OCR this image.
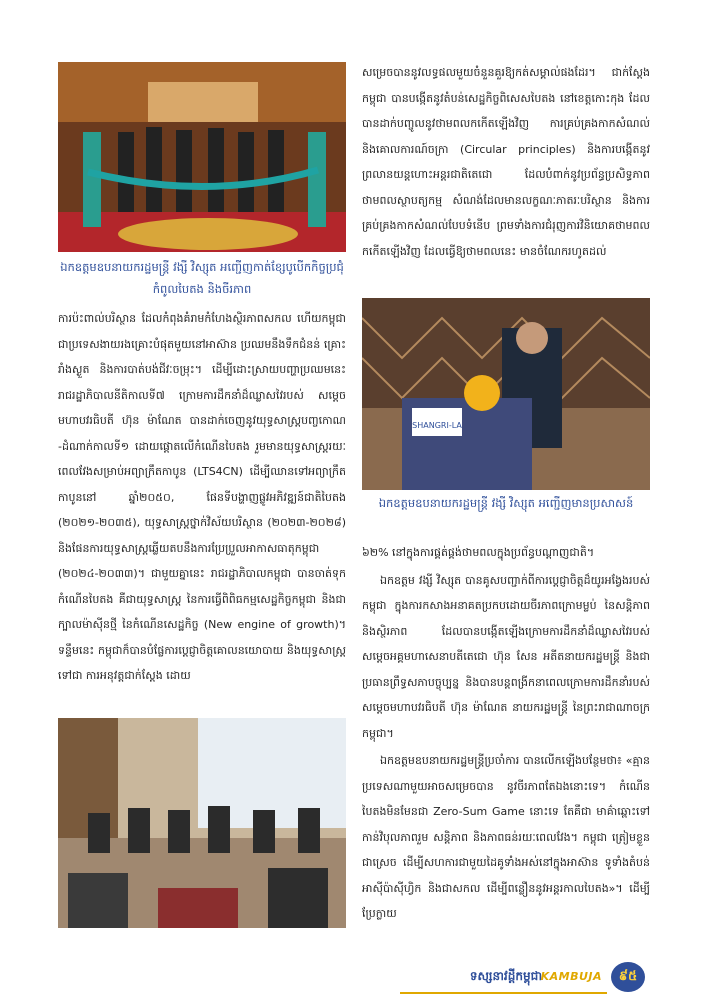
ឯកឧត្តមឧបនាយករដ្ឋមន្ត្រី វង្សី វិស្សុត អញ្ជើញកាត់ខ្សែបូបើកកិច្ចប្រជុំកំពូលបៃតង និងចីរភាព

ការប៉ះពាល់បរិស្ថាន ដែលកំពុងគំរាមកំហែងស្ថិរភាពសកល ហើយកម្ពុជា ជាប្រទេសងាយរងគ្រោះបំផុតមួយនៅអាស៊ាន ប្រឈមនឹងទឹកជំនន់ គ្រោះរាំងស្ងួត និងការបាត់បង់ជីវៈចម្រុះ។ ដើម្បីដោះស្រាយបញ្ហាប្រឈមនេះ រាជរដ្ឋាភិបាលនីតិកាលទី៧ ក្រោមការដឹកនាំដ៏ឈ្លាសវៃរបស់ សម្ដេចមហាបវរធិបតី ហ៊ុន ម៉ាណែត បានដាក់ចេញនូវយុទ្ធសាស្ត្របញ្ចកោណ -ដំណាក់កាលទី១ ដោយផ្ដោតលើកំណើនបៃតង រួមមានយុទ្ធសាស្ត្ររយៈពេលវែងសម្រាប់អព្យាក្រឹតកាបូន (LTS4CN) ដើម្បីឈានទៅអព្យាក្រឹតកាបូននៅ ឆ្នាំ២០៥០, ផែនទីបង្ហាញផ្លូវអភិវឌ្ឍន៍ជាតិបៃតង (២០២១-២០៣៥), យុទ្ធសាស្ត្រថ្នាក់វិស័យបរិស្ថាន (២០២៣-២០២៨) និងផែនការយុទ្ធសាស្ត្រឆ្លើយតបនឹងការប្រែប្រួលអាកាសធាតុកម្ពុជា (២០២៤-២០៣៣)។ ជាមួយគ្នានេះ រាជរដ្ឋាភិបាលកម្ពុជា បានចាត់ទុកកំណើនបៃតង គឺជាយុទ្ធសាស្ត្រ នៃការធ្វើពិពិធកម្មសេដ្ឋកិច្ចកម្ពុជា និងជាក្បាលម៉ាស៊ីនថ្មី នៃកំណើនសេដ្ឋកិច្ច (New engine of growth)។ ទន្ទឹមនេះ កម្ពុជាក៏បានបំផ្លែការប្ដេជ្ញាចិត្តគោលនយោបាយ និងយុទ្ធសាស្ត្រទៅជា ការអនុវត្តជាក់ស្ដែង ដោយ

សម្រេចបាននូវលទ្ធផលមួយចំនួនគួរឱ្យកត់សម្គាល់ផងដែរ។ ជាក់ស្ដែង កម្ពុជា បានបង្កើតនូវតំបន់សេដ្ឋកិច្ចពិសេសបៃតង នៅខេត្តកោះកុង ដែលបានដាក់បញ្ចូលនូវថាមពលកកើតឡើងវិញ ការគ្រប់គ្រងកាកសំណល់ និងគោលការណ៍ចក្រា (Circular principles) និងការបង្កើតនូវ ព្រលានយន្តហោះអន្តរជាតិតេជោ ដែលបំពាក់នូវប្រព័ន្ធប្រសិទ្ធភាពថាមពលស្ថាបត្យកម្ម សំណង់ដែលមានលក្ខណៈភាតរៈបរិស្ថាន និងការគ្រប់គ្រងកាកសំណល់បែបទំនើប ព្រមទាំងការជំរុញការវិនិយោគថាមពលកកើតឡើងវិញ ដែលធ្វើឱ្យថាមពលនេះ មានចំណែករហូតដល់

SHANGRI-LA
ឯកឧត្តមឧបនាយករដ្ឋមន្ត្រី វង្សី វិស្សុត អញ្ជើញមានប្រសាសន៍

៦២% នៅក្នុងការផ្គត់ផ្គង់ថាមពលក្នុងប្រព័ន្ធបណ្ដាញជាតិ។

ឯកឧត្តម វង្សី វិស្សុត បានគូសបញ្ជាក់ពីការប្ដេជ្ញាចិត្តដ៏យូរអង្វែងរបស់កម្ពុជា ក្នុងការកសាងអនាគតប្រកបដោយចីរភាពក្រោមម្លប់ នៃសន្តិភាព និងស្ថិរភាព ដែលបានបង្កើតឡើងក្រោមការដឹកនាំដ៏ឈ្លាសវៃរបស់ សម្ដេចអគ្គមហាសេនាបតីតេជោ ហ៊ុន សែន អតីតនាយករដ្ឋមន្ត្រី និងជាប្រធានព្រឹទ្ធសភាបច្ចុប្បន្ន និងបានបន្តពង្រីកនាពេលក្រោមការដឹកនាំរបស់ សម្ដេចមហាបវរធិបតី ហ៊ុន ម៉ាណែត នាយករដ្ឋមន្ត្រី នៃព្រះរាជាណាចក្រកម្ពុជា។

ឯកឧត្តមឧបនាយករដ្ឋមន្ត្រីប្រចាំការ បានលើកឡើងបន្ថែមថា៖ «គ្មានប្រទេសណាមួយអាចសម្រេចបាន នូវចីរភាពតែឯងនោះទេ។ កំណើនបៃតងមិនមែនជា Zero-Sum Game នោះទេ តែគឺជា មាគ៌ាឆ្ពោះទៅកាន់វិបុលភាពរួម សន្តិភាព និងភាពធន់រយៈពេលវែង។ កម្ពុជា ត្រៀមខ្លួនជាស្រេច ដើម្បីសហការជាមួយដៃគូទាំងអស់នៅក្នុងអាស៊ាន ទូទាំងតំបន់អាស៊ីប៉ាស៊ីហ្វិក និងជាសកល ដើម្បីពន្លឿននូវអន្តរកាលបៃតង»។ ដើម្បីប្រែក្លាយ

ទស្សនាវដ្ដីកម្ពុជា
KAMBUJA	៩៥
